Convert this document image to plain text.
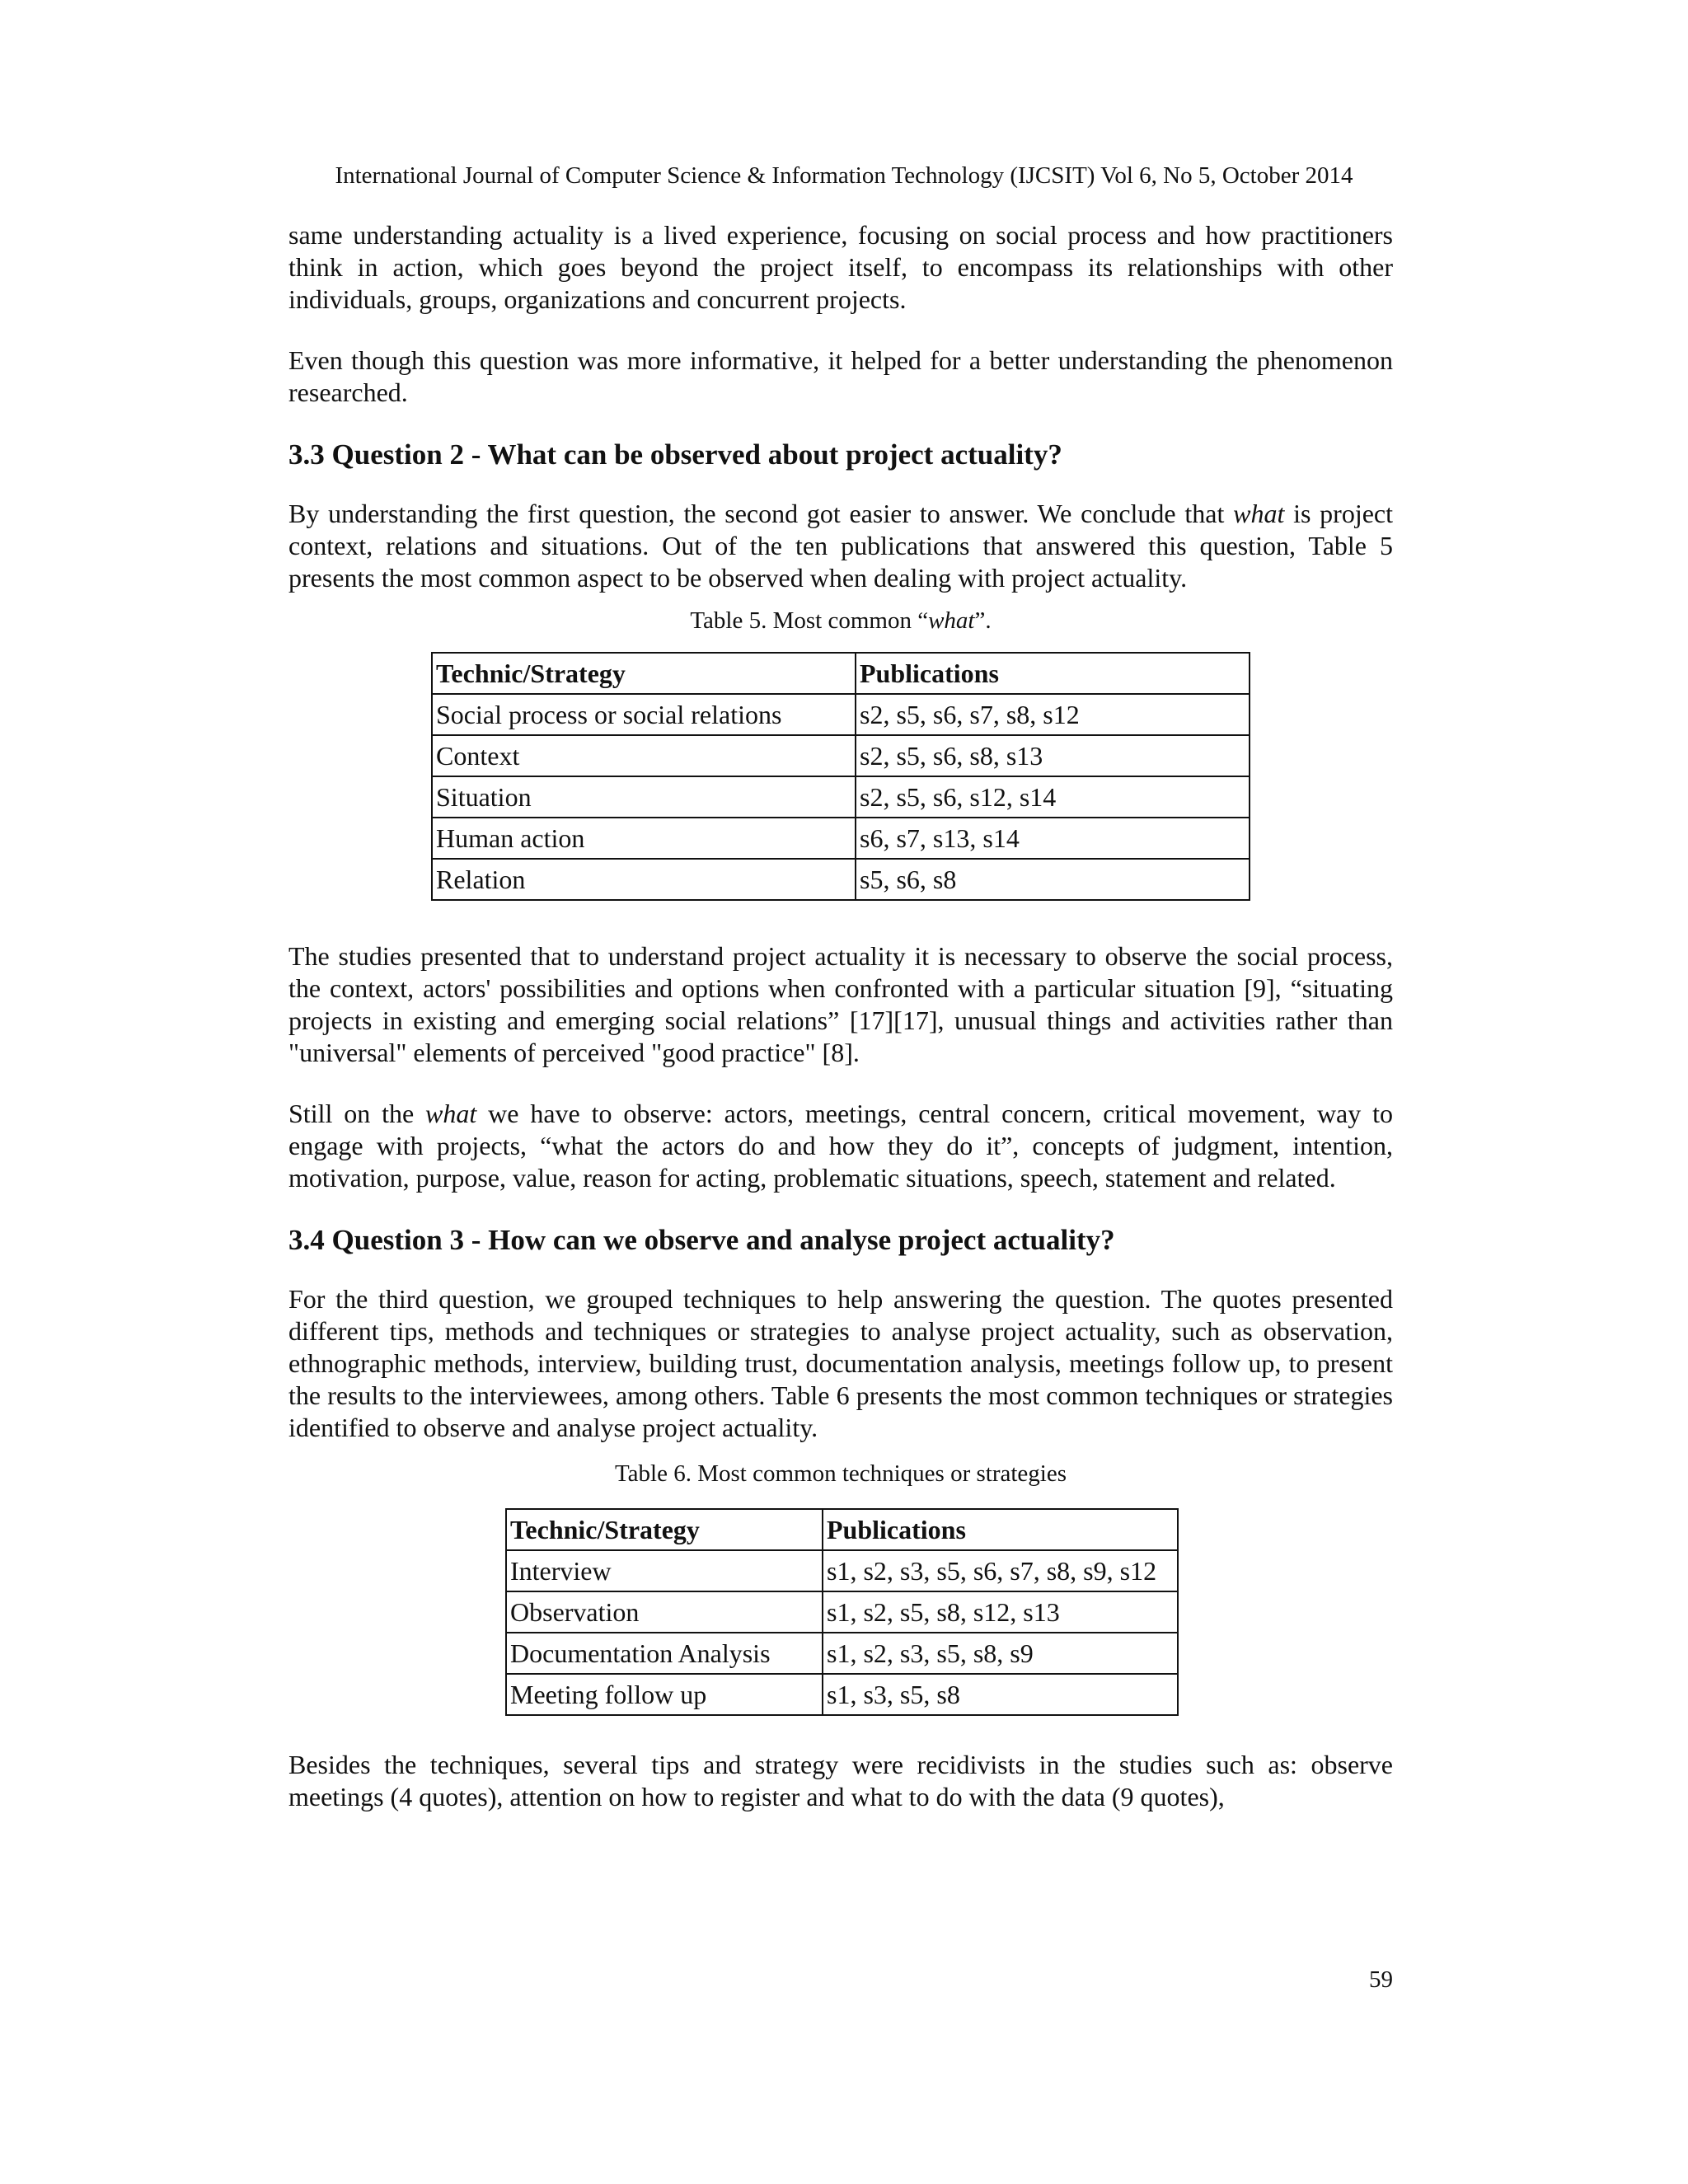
International Journal of Computer Science & Information Technology (IJCSIT) Vol 6, No 5, October 2014

same understanding actuality is a lived experience, focusing on social process and how practitioners think in action, which goes beyond the project itself, to encompass its relationships with other individuals, groups, organizations and concurrent projects.

Even though this question was more informative, it helped for a better understanding the phenomenon researched.

3.3 Question 2 - What can be observed about project actuality?

By understanding the first question, the second got easier to answer. We conclude that what is project context, relations and situations. Out of the ten publications that answered this question, Table 5 presents the most common aspect to be observed when dealing with project actuality.

Table 5. Most common “what”.
Technic/Strategy	Publications
Social process or social relations	s2, s5, s6, s7, s8, s12
Context	s2, s5, s6, s8, s13
Situation	s2, s5, s6, s12, s14
Human action	s6, s7, s13, s14
Relation	s5, s6, s8

The studies presented that to understand project actuality it is necessary to observe the social process, the context, actors' possibilities and options when confronted with a particular situation [9], “situating projects in existing and emerging social relations” [17][17], unusual things and activities rather than "universal" elements of perceived "good practice" [8].

Still on the what we have to observe: actors, meetings, central concern, critical movement, way to engage with projects, “what the actors do and how they do it”, concepts of judgment, intention, motivation, purpose, value, reason for acting, problematic situations, speech, statement and related.

3.4 Question 3 - How can we observe and analyse project actuality?

For the third question, we grouped techniques to help answering the question. The quotes presented different tips, methods and techniques or strategies to analyse project actuality, such as observation, ethnographic methods, interview, building trust, documentation analysis, meetings follow up, to present the results to the interviewees, among others. Table 6 presents the most common techniques or strategies identified to observe and analyse project actuality.

Table 6. Most common techniques or strategies
Technic/Strategy	Publications
Interview	s1, s2, s3, s5, s6, s7, s8, s9, s12
Observation	s1, s2, s5, s8, s12, s13
Documentation Analysis	s1, s2, s3, s5, s8, s9
Meeting follow up	s1, s3, s5, s8

Besides the techniques, several tips and strategy were recidivists in the studies such as: observe meetings (4 quotes), attention on how to register and what to do with the data (9 quotes),

59
